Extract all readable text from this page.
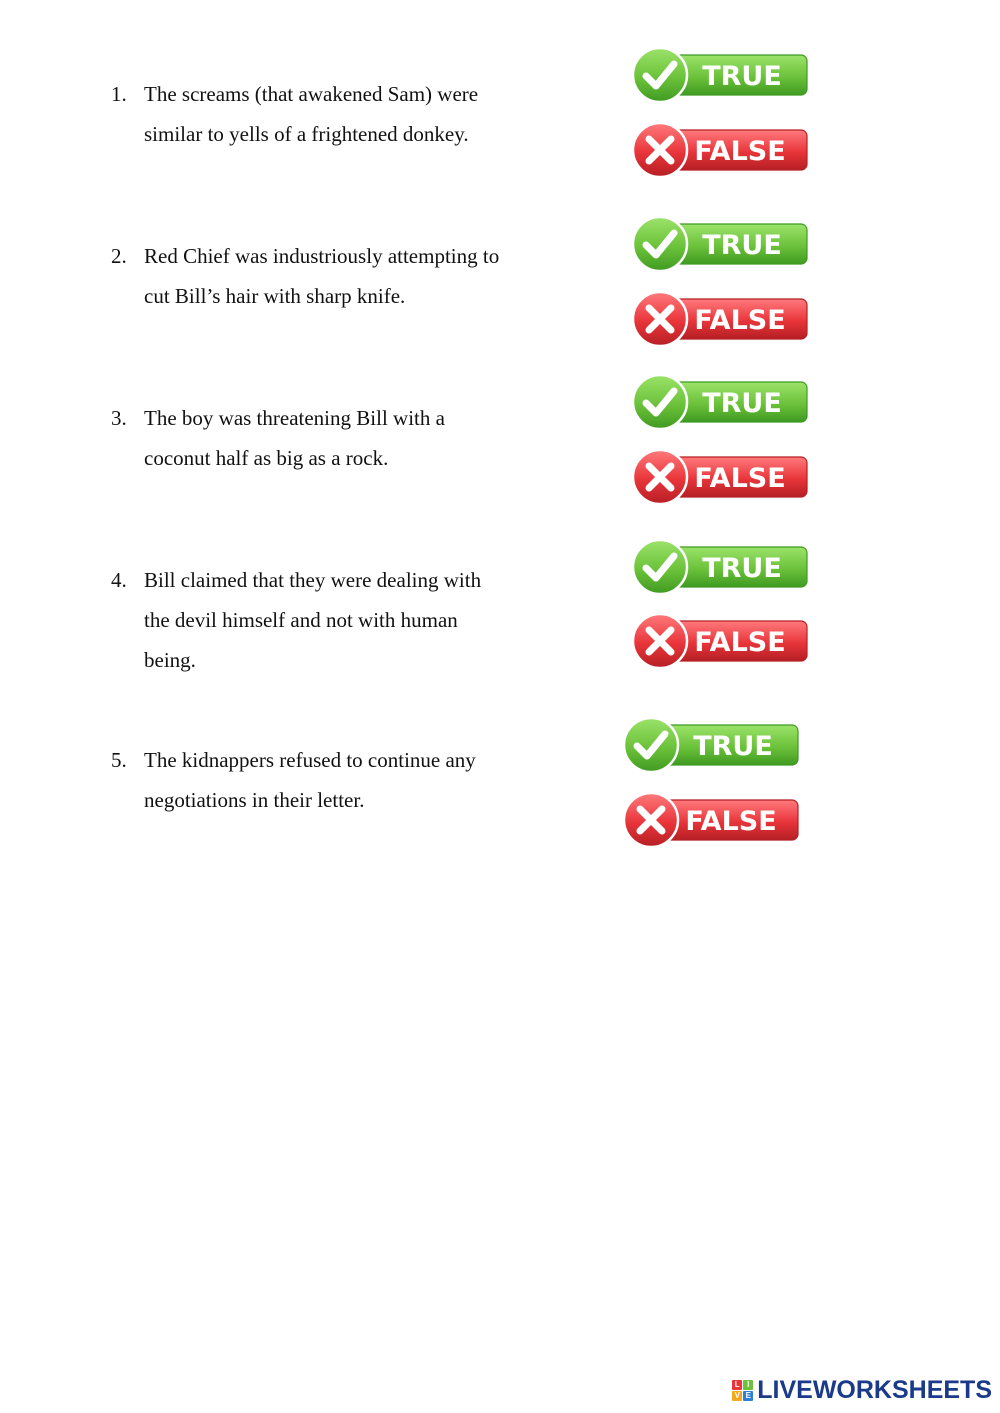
1. The screams (that awakened Sam) were
similar to yells of a frightened donkey.
TRUE
FALSE
2. Red Chief was industriously attempting to
cut Bill’s hair with sharp knife.
TRUE
FALSE
3. The boy was threatening Bill with a
coconut half as big as a rock.
TRUE
FALSE
4. Bill claimed that they were dealing with
the devil himself and not with human
being.
TRUE
FALSE
5. The kidnappers refused to continue any
negotiations in their letter.
TRUE
FALSE
L I
V E LIVEWORKSHEETS
